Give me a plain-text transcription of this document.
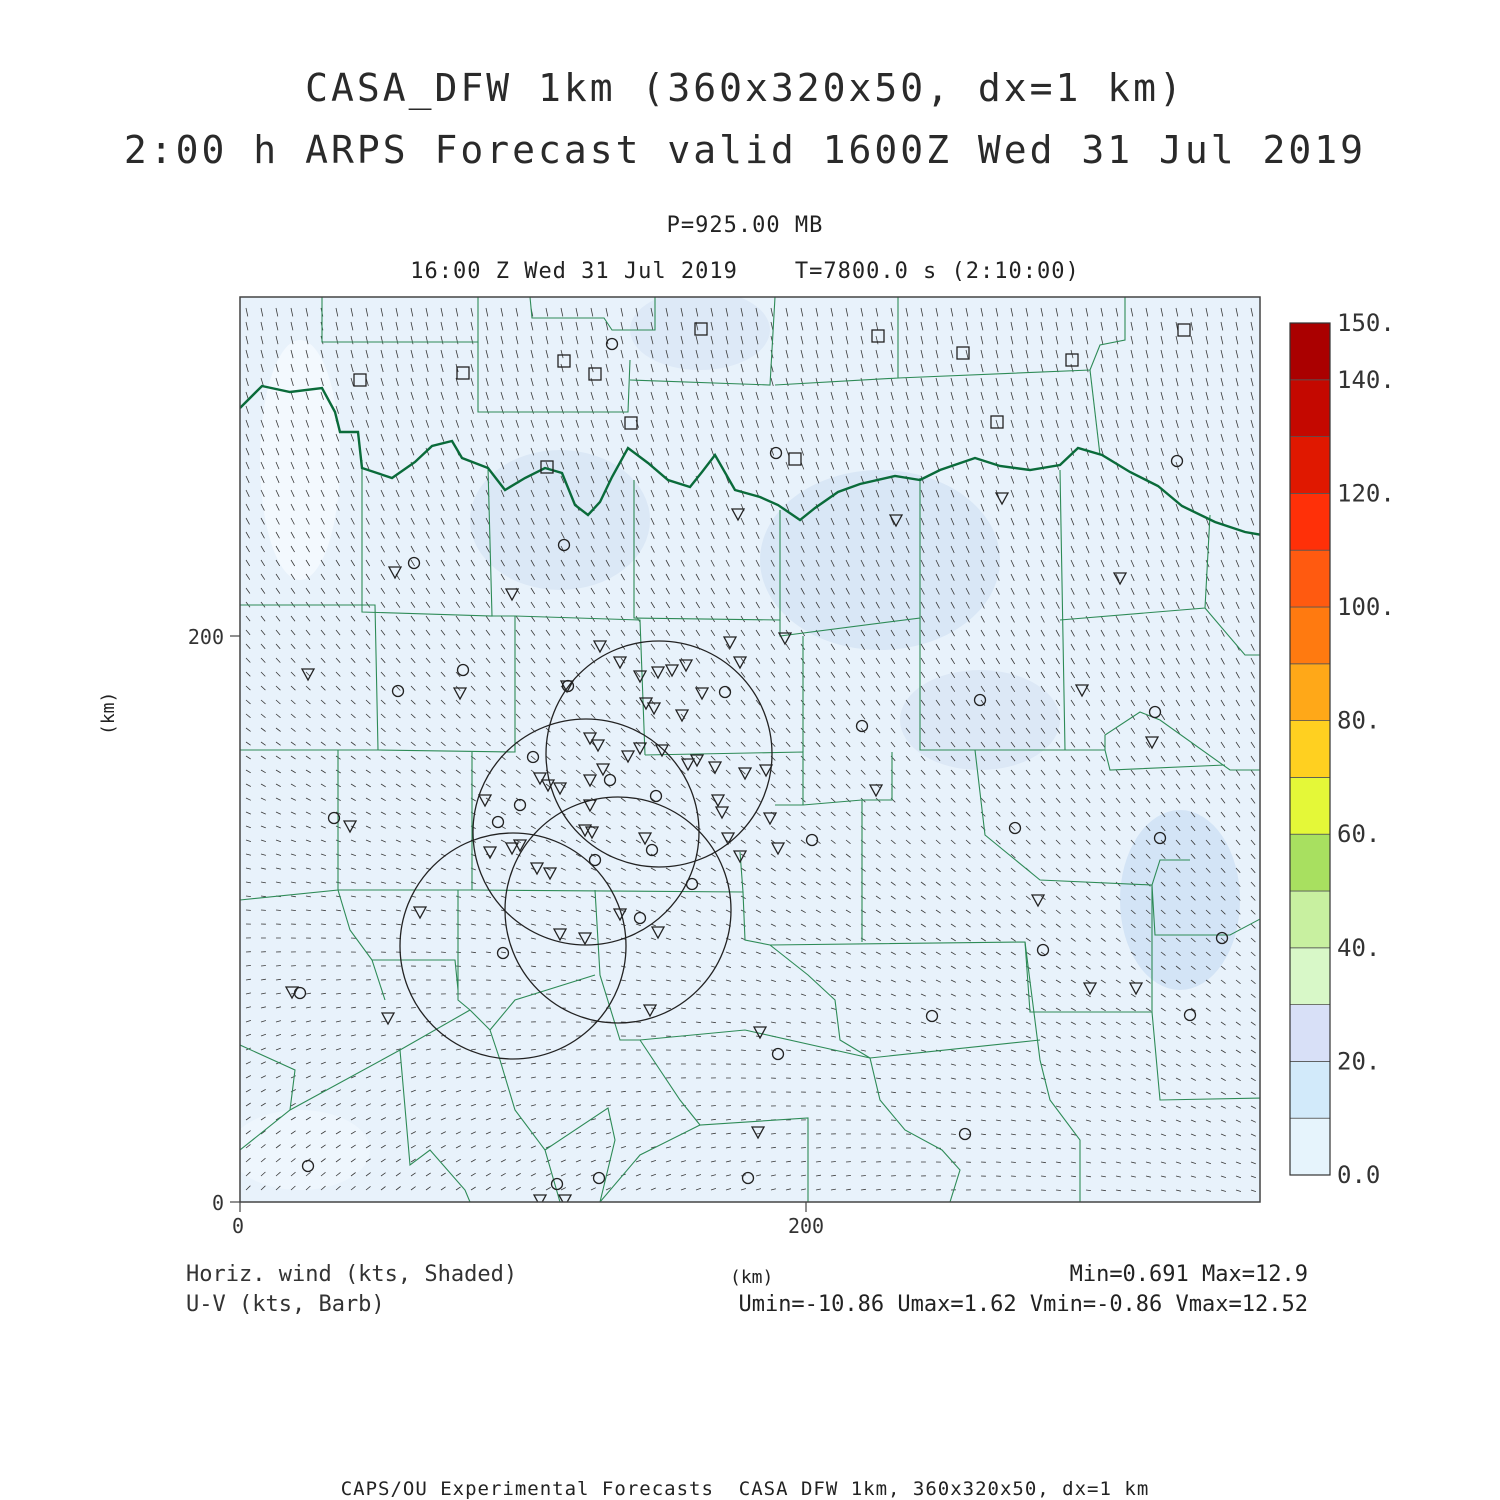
CASA_DFW 1km (360x320x50, dx=1 km)
2:00 h ARPS Forecast valid 1600Z Wed 31 Jul 2019
P=925.00 MB
16:00 Z Wed 31 Jul 2019    T=7800.0 s (2:10:00)
0	200
0
200
150.
140.
120.
100.
80.
60.
40.
20.
0.0
(km)
(km)
Horiz. wind (kts, Shaded)
U-V (kts, Barb)
Min=0.691 Max=12.9
Umin=-10.86 Umax=1.62 Vmin=-0.86 Vmax=12.52
CAPS/OU Experimental Forecasts  CASA DFW 1km, 360x320x50, dx=1 km
